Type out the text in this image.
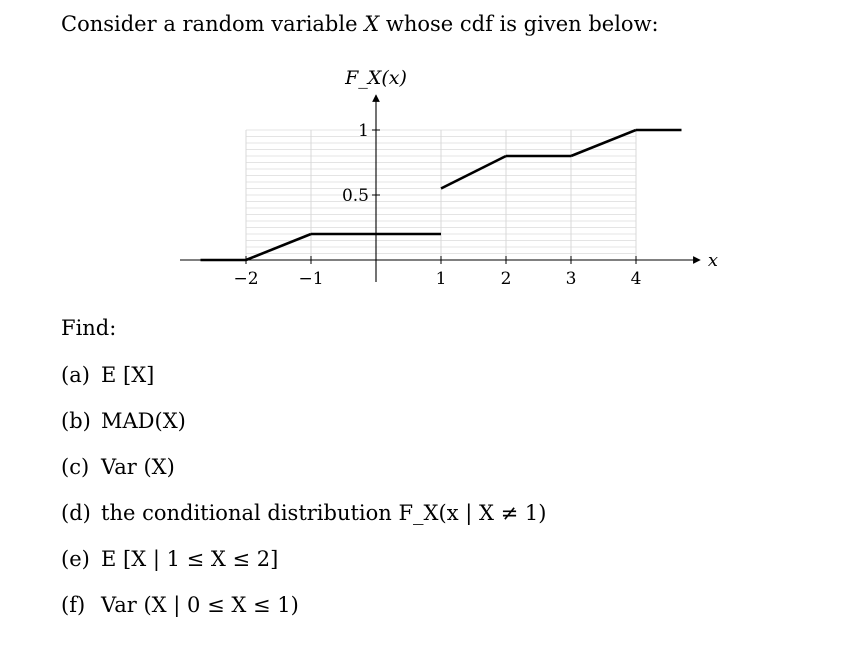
Consider a random variable X whose cdf is given below:
−2 −1	1	2	3	4
0.5
1
x
F_X(x)
Find:
(a) E [X]
(b) MAD(X)
(c) Var (X)
(d) the conditional distribution F_X(x | X ≠ 1)
(e) E [X | 1 ≤ X ≤ 2]
(f) Var (X | 0 ≤ X ≤ 1)
